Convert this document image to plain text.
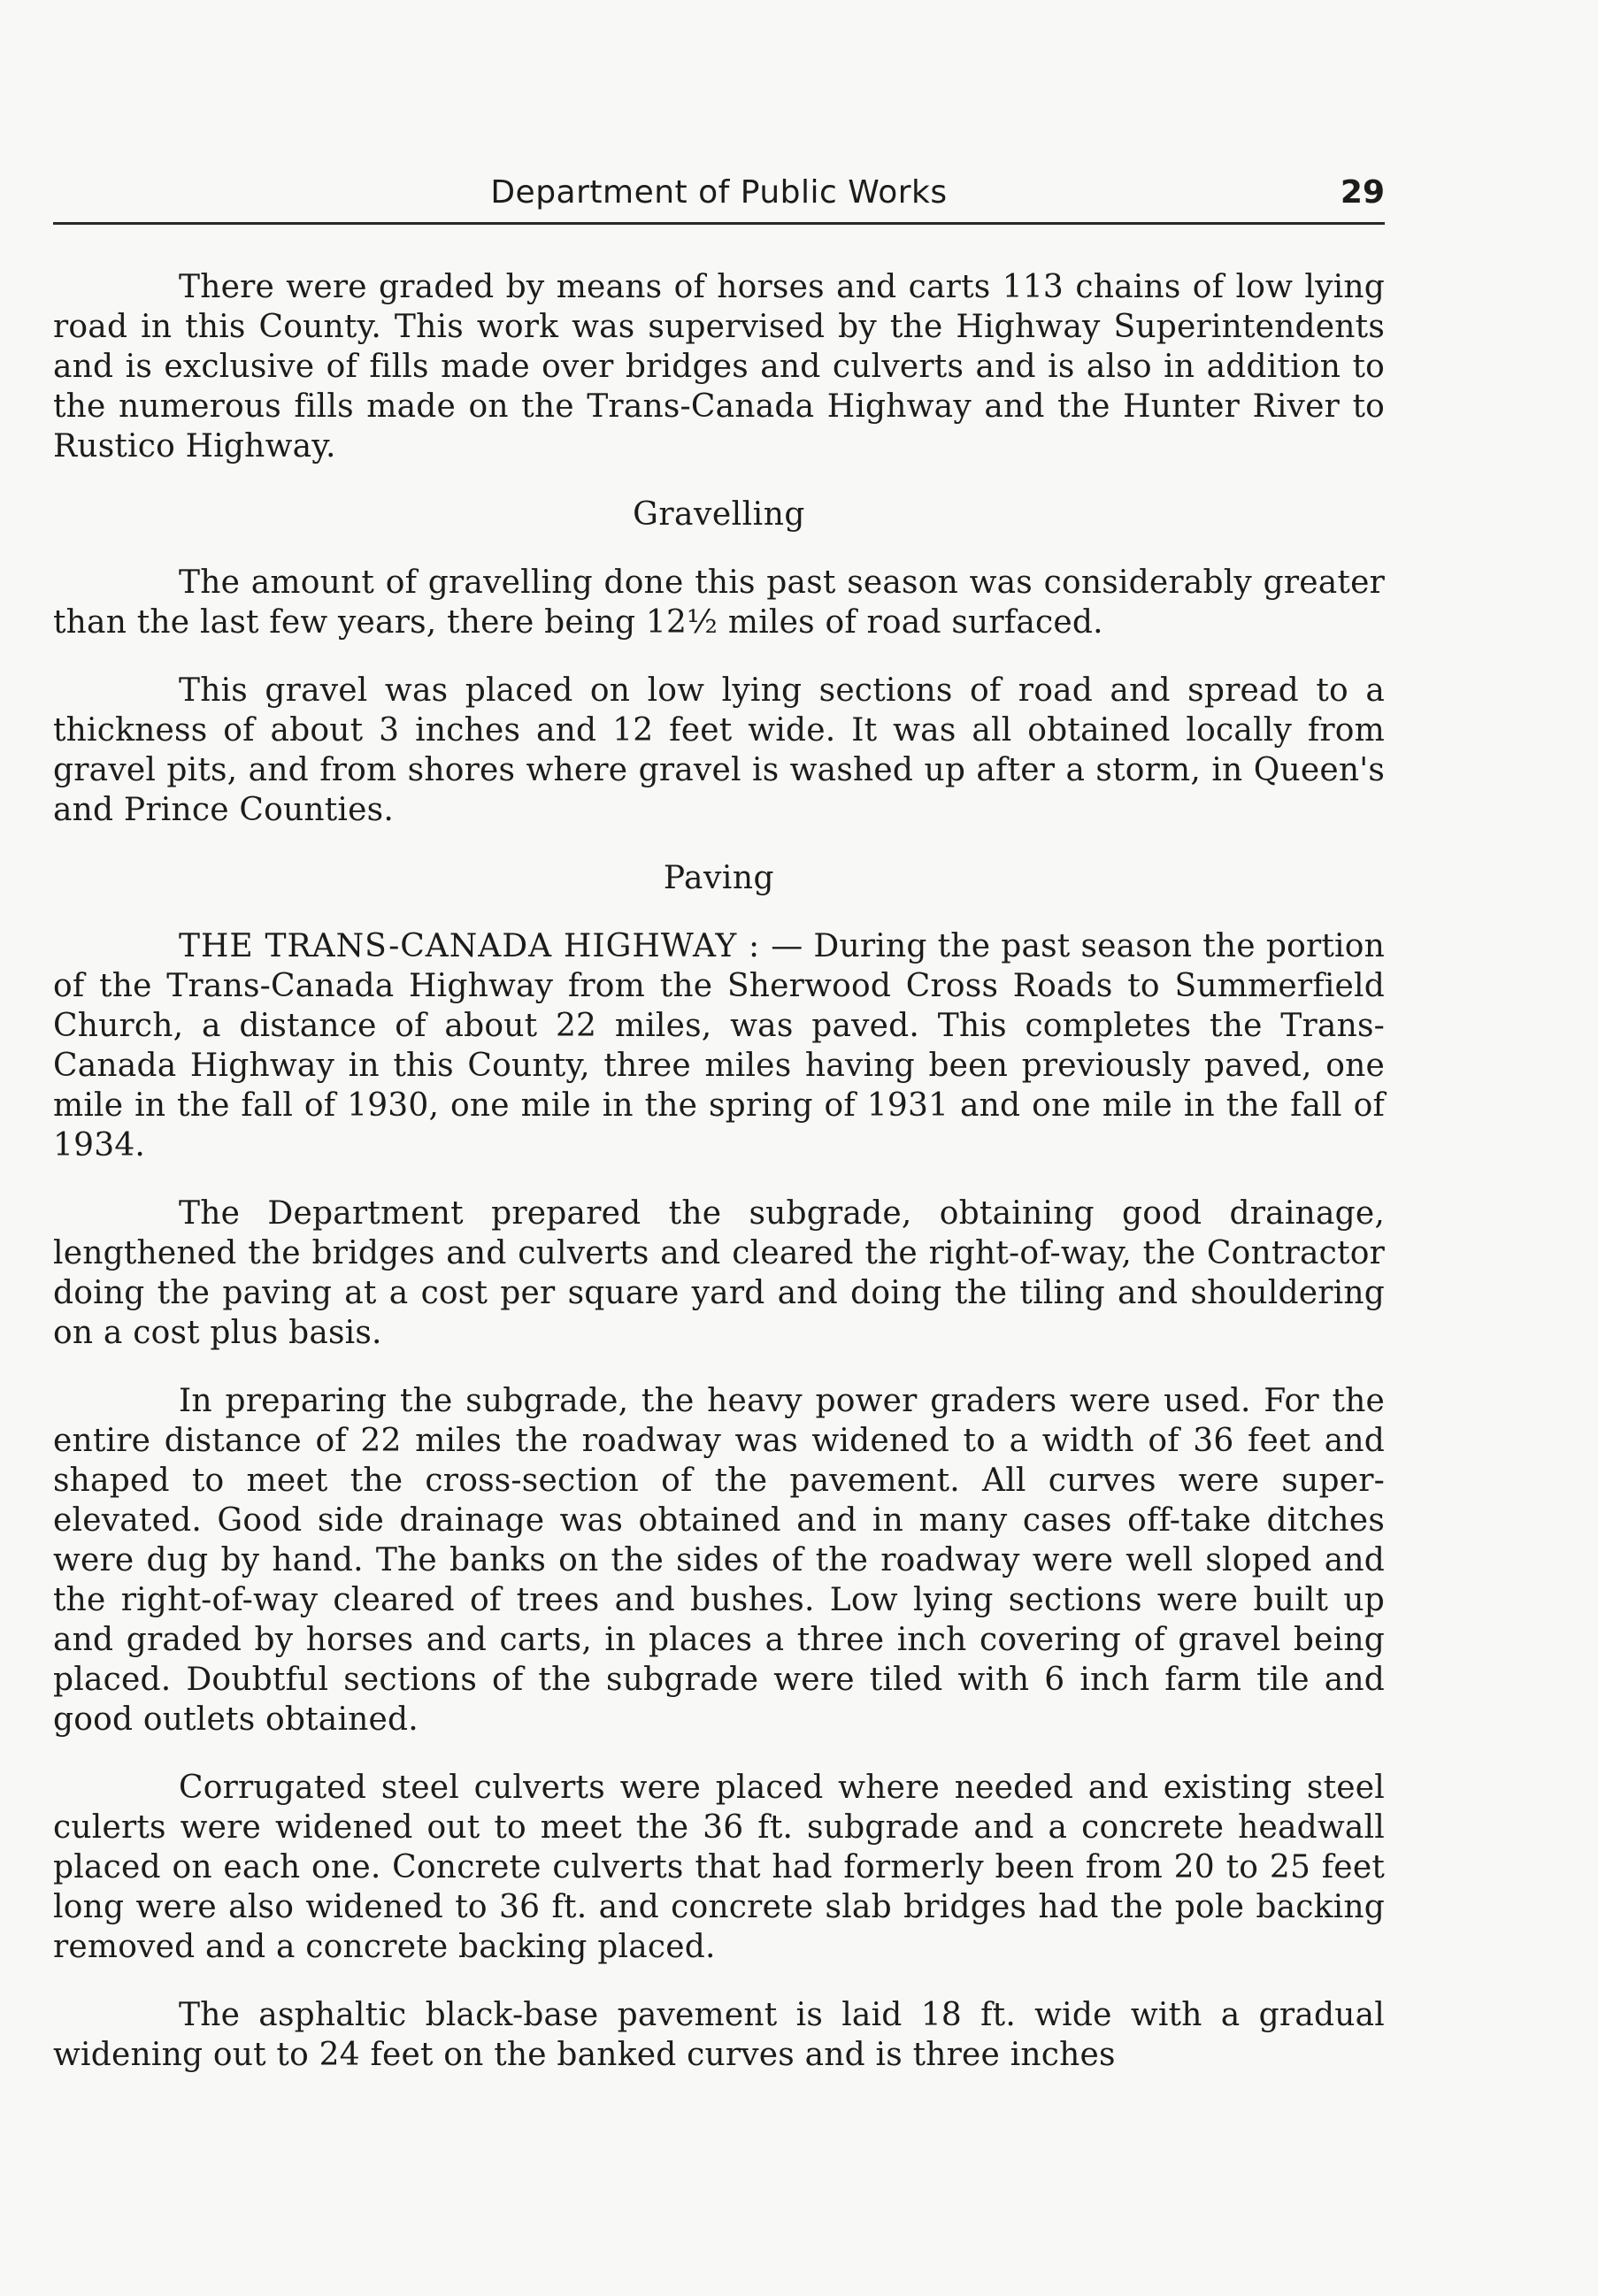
Department of Public Works	29

There were graded by means of horses and carts 113 chains of low lying road in this County. This work was supervised by the Highway Superintendents and is exclusive of fills made over bridges and culverts and is also in addition to the numerous fills made on the Trans-Canada Highway and the Hunter River to Rustico Highway.

Gravelling

The amount of gravelling done this past season was considerably greater than the last few years, there being 12½ miles of road surfaced.

This gravel was placed on low lying sections of road and spread to a thickness of about 3 inches and 12 feet wide. It was all obtained locally from gravel pits, and from shores where gravel is washed up after a storm, in Queen's and Prince Counties.

Paving

THE TRANS-CANADA HIGHWAY : — During the past season the portion of the Trans-Canada Highway from the Sherwood Cross Roads to Summerfield Church, a distance of about 22 miles, was paved. This completes the Trans-Canada Highway in this County, three miles having been previously paved, one mile in the fall of 1930, one mile in the spring of 1931 and one mile in the fall of 1934.

The Department prepared the subgrade, obtaining good drainage, lengthened the bridges and culverts and cleared the right-of-way, the Contractor doing the paving at a cost per square yard and doing the tiling and shouldering on a cost plus basis.

In preparing the subgrade, the heavy power graders were used. For the entire distance of 22 miles the roadway was widened to a width of 36 feet and shaped to meet the cross-section of the pavement. All curves were super-elevated. Good side drainage was obtained and in many cases off-take ditches were dug by hand. The banks on the sides of the roadway were well sloped and the right-of-way cleared of trees and bushes. Low lying sections were built up and graded by horses and carts, in places a three inch covering of gravel being placed. Doubtful sections of the subgrade were tiled with 6 inch farm tile and good outlets obtained.

Corrugated steel culverts were placed where needed and existing steel culerts were widened out to meet the 36 ft. subgrade and a concrete headwall placed on each one. Concrete culverts that had formerly been from 20 to 25 feet long were also widened to 36 ft. and concrete slab bridges had the pole backing removed and a concrete backing placed.

The asphaltic black-base pavement is laid 18 ft. wide with a gradual widening out to 24 feet on the banked curves and is three inches
